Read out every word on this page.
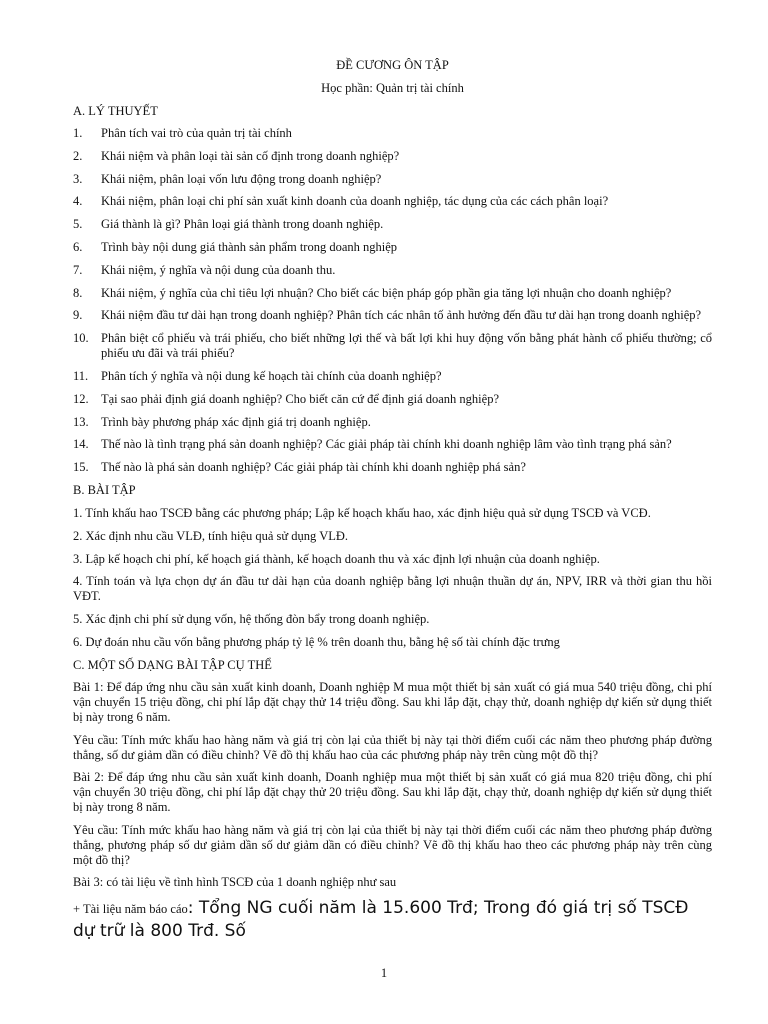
ĐỀ CƯƠNG ÔN TẬP
Học phần: Quản trị tài chính
A. LÝ THUYẾT
1.	Phân tích vai trò của quản trị tài chính
2.	Khái niệm và phân loại tài sản cố định trong doanh nghiệp?
3.	Khái niệm, phân loại vốn lưu động trong doanh nghiệp?
4.	Khái niệm, phân loại chi phí sản xuất kinh doanh của doanh nghiệp, tác dụng của các cách phân loại?
5.	Giá thành là gì? Phân loại giá thành trong doanh nghiệp.
6.	Trình bày nội dung giá thành sản phẩm trong doanh nghiệp
7.	Khái niệm, ý nghĩa và nội dung của doanh thu.
8.	Khái niệm, ý nghĩa của chỉ tiêu lợi nhuận? Cho biết các biện pháp góp phần gia tăng lợi nhuận cho doanh nghiệp?
9.	Khái niệm đầu tư dài hạn trong doanh nghiệp? Phân tích các nhân tố ảnh hưởng đến đầu tư dài hạn trong doanh nghiệp?
10. Phân biệt cổ phiếu và trái phiếu, cho biết những lợi thế và bất lợi khi huy động vốn bằng phát hành cổ phiếu thường; cổ phiếu ưu đãi và trái phiếu?
11.	Phân tích ý nghĩa và nội dung kế hoạch tài chính của doanh nghiệp?
12. Tại sao phải định giá doanh nghiệp? Cho biết căn cứ để định giá doanh nghiệp?
13. Trình bày phương pháp xác định giá trị doanh nghiệp.
14. Thế nào là tình trạng phá sản doanh nghiệp? Các giải pháp tài chính khi doanh nghiệp lâm vào tình trạng phá sản?
15. Thế nào là phá sản doanh nghiệp? Các giải pháp tài chính khi doanh nghiệp phá sản?
B. BÀI TẬP
1. Tính khấu hao TSCĐ bằng các phương pháp; Lập kế hoạch khấu hao, xác định hiệu quả sử dụng TSCĐ và VCĐ.
2. Xác định nhu cầu VLĐ, tính hiệu quả sử dụng VLĐ.
3. Lập kế hoạch chi phí, kế hoạch giá thành, kế hoạch doanh thu và xác định lợi nhuận của doanh nghiệp.
4. Tính toán và lựa chọn dự án đầu tư dài hạn của doanh nghiệp bằng lợi nhuận thuần dự án, NPV, IRR và thời gian thu hồi VĐT.
5. Xác định chi phí sử dụng vốn, hệ thống đòn bẩy trong doanh nghiệp.
6. Dự đoán nhu cầu vốn bằng phương pháp tỷ lệ % trên doanh thu, bằng hệ số tài chính đặc trưng
C. MỘT SỐ DẠNG BÀI TẬP CỤ THỂ
Bài 1: Để đáp ứng nhu cầu sản xuất kinh doanh, Doanh nghiệp M mua một thiết bị sản xuất có giá mua 540 triệu đồng, chi phí vận chuyển 15 triệu đồng, chi phí lắp đặt chạy thử 14 triệu đồng. Sau khi lắp đặt, chạy thử, doanh nghiệp dự kiến sử dụng thiết bị này trong 6 năm.
Yêu cầu: Tính mức khấu hao hàng năm và giá trị còn lại của thiết bị này tại thời điểm cuối các năm theo phương pháp đường thẳng, số dư giảm dần có điều chỉnh? Vẽ đồ thị khấu hao của các phương pháp này trên cùng một đồ thị?
Bài 2: Để đáp ứng nhu cầu sản xuất kinh doanh, Doanh nghiệp mua một thiết bị sản xuất có giá mua 820 triệu đồng, chi phí vận chuyển 30 triệu đồng, chi phí lắp đặt chạy thử 20 triệu đồng. Sau khi lắp đặt, chạy thử, doanh nghiệp dự kiến sử dụng thiết bị này trong 8 năm.
Yêu cầu: Tính mức khấu hao hàng năm và giá trị còn lại của thiết bị này tại thời điểm cuối các năm theo phương pháp đường thẳng, phương pháp số dư giảm dần số dư giảm dần có điều chỉnh? Vẽ đồ thị khấu hao theo các phương pháp này trên cùng một đồ thị?
Bài 3: có tài liệu về tình hình TSCĐ của 1 doanh nghiệp như sau
+ Tài liệu năm báo cáo: Tổng NG cuối năm là 15.600 Trđ; Trong đó giá trị số TSCĐ dự trữ là 800 Trđ. Số
1
